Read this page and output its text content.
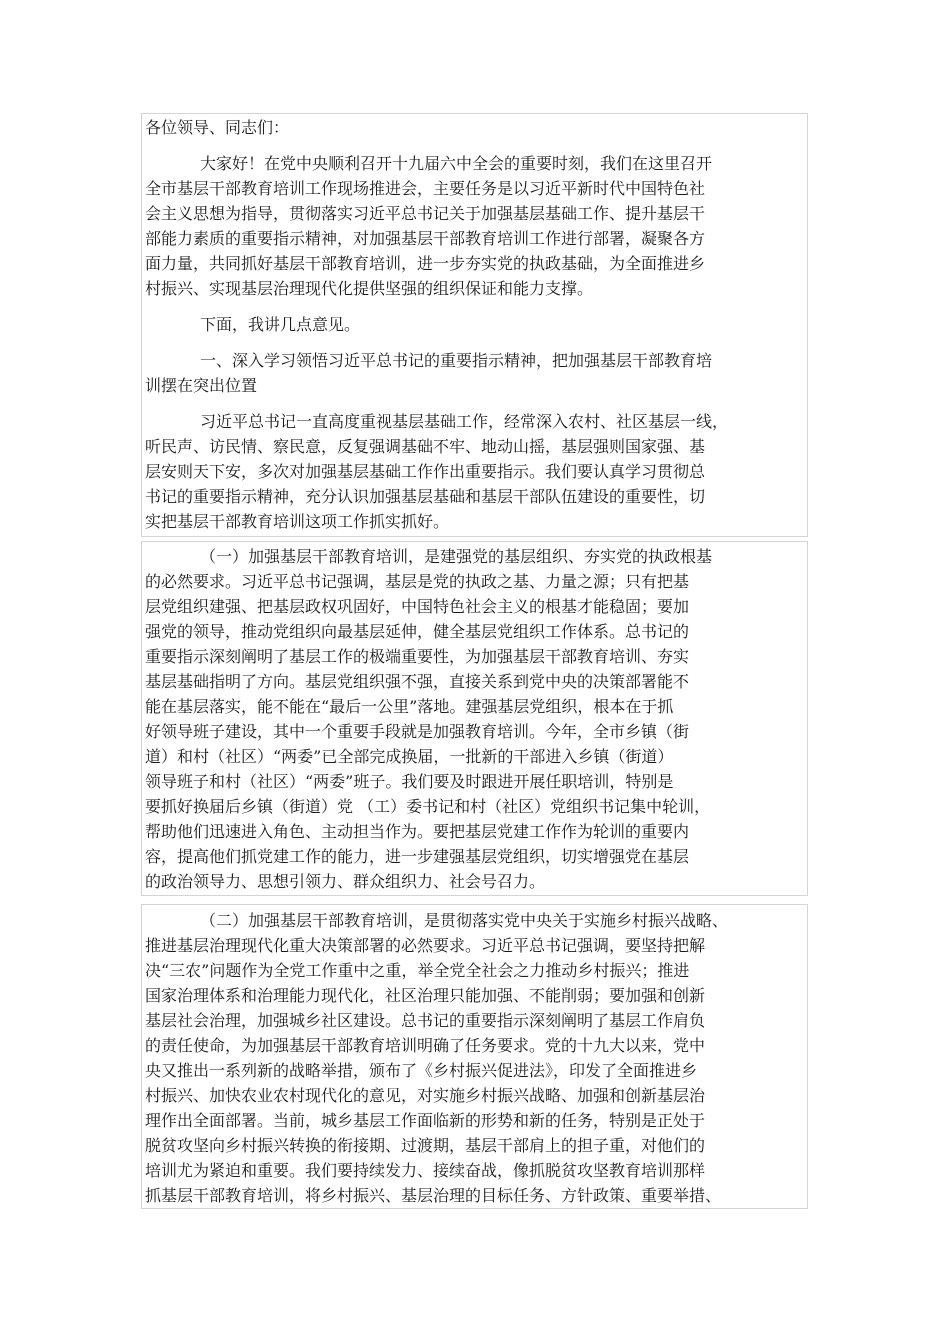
各位领导、同志们：
大家好！在党中央顺利召开十九届六中全会的重要时刻，我们在这里召开
全市基层干部教育培训工作现场推进会，主要任务是以习近平新时代中国特色社
会主义思想为指导，贯彻落实习近平总书记关于加强基层基础工作、提升基层干
部能力素质的重要指示精神，对加强基层干部教育培训工作进行部署，凝聚各方
面力量，共同抓好基层干部教育培训，进一步夯实党的执政基础，为全面推进乡
村振兴、实现基层治理现代化提供坚强的组织保证和能力支撑。
下面，我讲几点意见。
一、深入学习领悟习近平总书记的重要指示精神，把加强基层干部教育培
训摆在突出位置
习近平总书记一直高度重视基层基础工作，经常深入农村、社区基层一线，
听民声、访民情、察民意，反复强调基础不牢、地动山摇，基层强则国家强、基
层安则天下安，多次对加强基层基础工作作出重要指示。我们要认真学习贯彻总
书记的重要指示精神，充分认识加强基层基础和基层干部队伍建设的重要性，切
实把基层干部教育培训这项工作抓实抓好。
（一）加强基层干部教育培训，是建强党的基层组织、夯实党的执政根基
的必然要求。习近平总书记强调，基层是党的执政之基、力量之源；只有把基
层党组织建强、把基层政权巩固好，中国特色社会主义的根基才能稳固；要加
强党的领导，推动党组织向最基层延伸，健全基层党组织工作体系。总书记的
重要指示深刻阐明了基层工作的极端重要性，为加强基层干部教育培训、夯实
基层基础指明了方向。基层党组织强不强，直接关系到党中央的决策部署能不
能在基层落实，能不能在“最后一公里”落地。建强基层党组织，根本在于抓
好领导班子建设，其中一个重要手段就是加强教育培训。今年，全市乡镇（街
道）和村（社区）“两委”已全部完成换届，一批新的干部进入乡镇（街道）
领导班子和村（社区）“两委”班子。我们要及时跟进开展任职培训，特别是
要抓好换届后乡镇（街道）党 （工）委书记和村（社区）党组织书记集中轮训，
帮助他们迅速进入角色、主动担当作为。要把基层党建工作作为轮训的重要内
容，提高他们抓党建工作的能力，进一步建强基层党组织，切实增强党在基层
的政治领导力、思想引领力、群众组织力、社会号召力。
（二）加强基层干部教育培训，是贯彻落实党中央关于实施乡村振兴战略、
推进基层治理现代化重大决策部署的必然要求。习近平总书记强调，要坚持把解
决“三农”问题作为全党工作重中之重，举全党全社会之力推动乡村振兴；推进
国家治理体系和治理能力现代化，社区治理只能加强、不能削弱；要加强和创新
基层社会治理，加强城乡社区建设。总书记的重要指示深刻阐明了基层工作肩负
的责任使命，为加强基层干部教育培训明确了任务要求。党的十九大以来，党中
央又推出一系列新的战略举措，颁布了《乡村振兴促进法》，印发了全面推进乡
村振兴、加快农业农村现代化的意见，对实施乡村振兴战略、加强和创新基层治
理作出全面部署。当前，城乡基层工作面临新的形势和新的任务，特别是正处于
脱贫攻坚向乡村振兴转换的衔接期、过渡期，基层干部肩上的担子重，对他们的
培训尤为紧迫和重要。我们要持续发力、接续奋战，像抓脱贫攻坚教育培训那样
抓基层干部教育培训，将乡村振兴、基层治理的目标任务、方针政策、重要举措、
